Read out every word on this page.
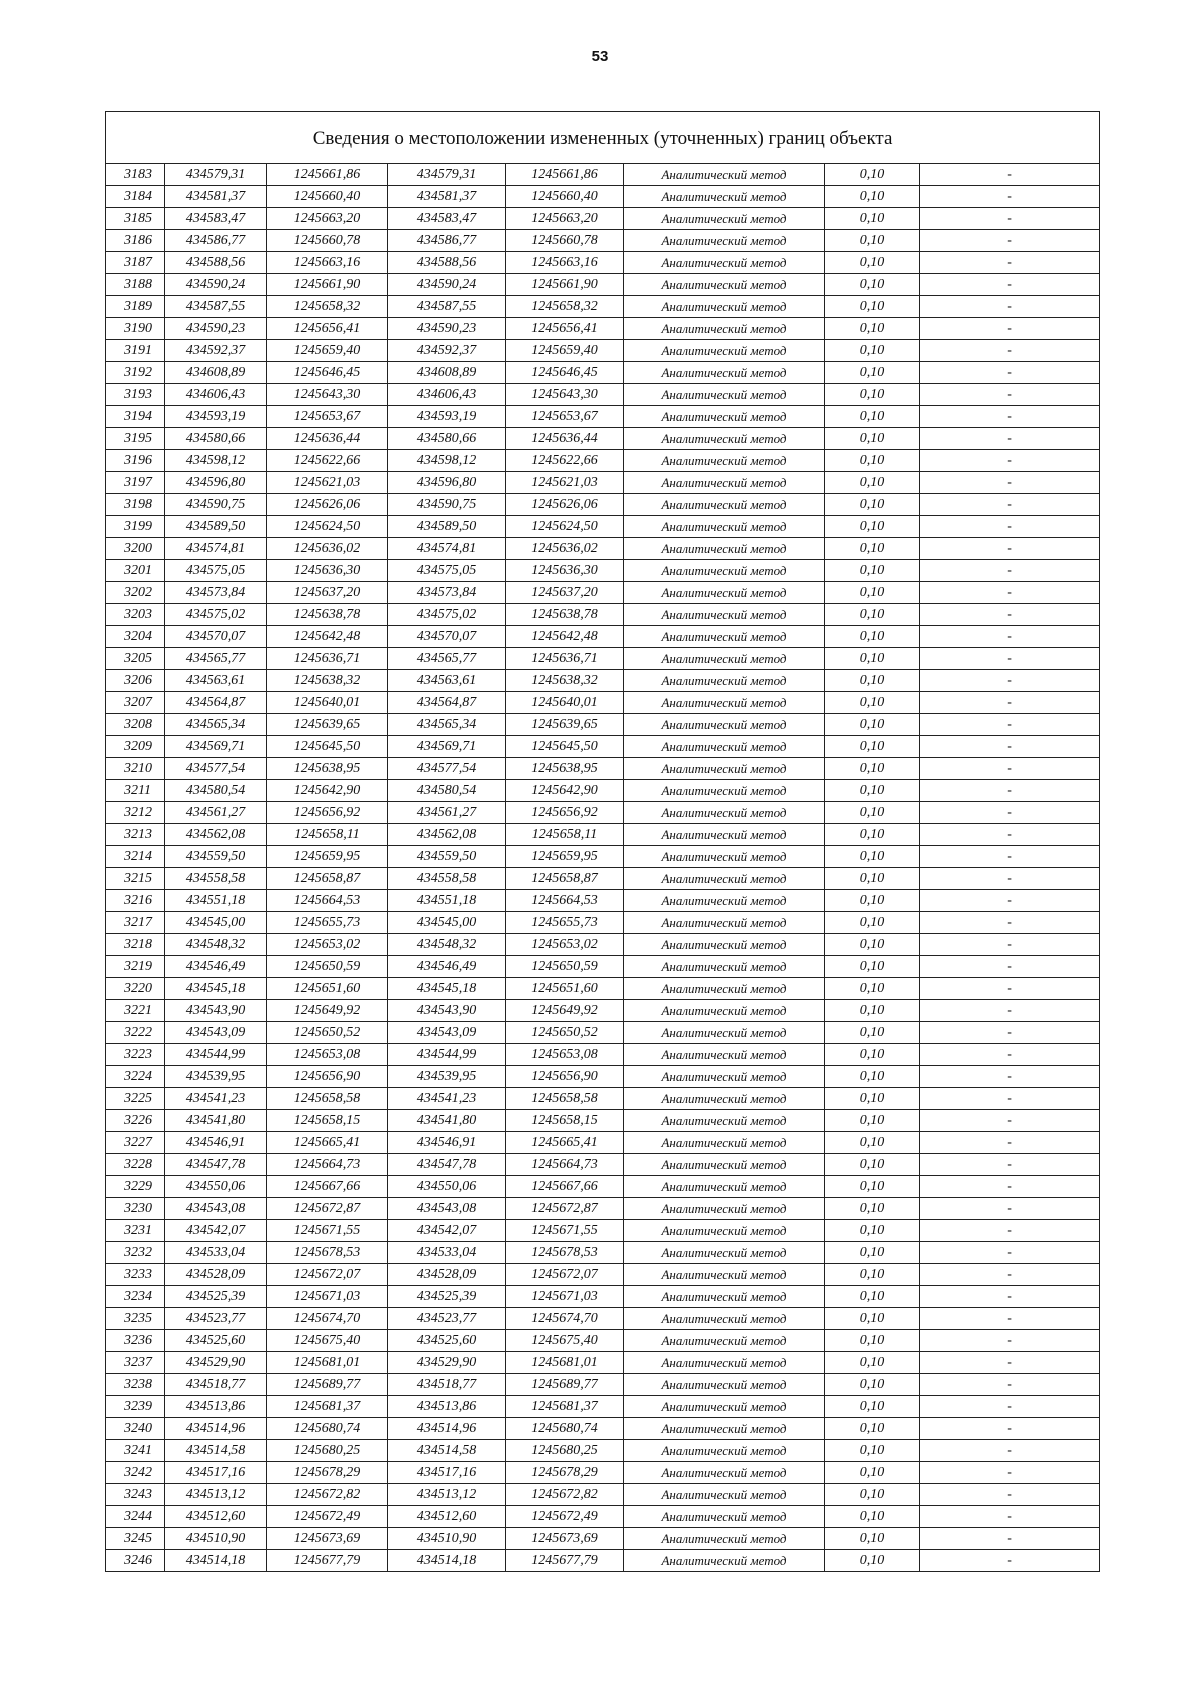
53
Сведения о местоположении измененных (уточненных) границ объекта							
3183	434579,31	1245661,86	434579,31	1245661,86	Аналитический метод	0,10	-
3184	434581,37	1245660,40	434581,37	1245660,40	Аналитический метод	0,10	-
3185	434583,47	1245663,20	434583,47	1245663,20	Аналитический метод	0,10	-
3186	434586,77	1245660,78	434586,77	1245660,78	Аналитический метод	0,10	-
3187	434588,56	1245663,16	434588,56	1245663,16	Аналитический метод	0,10	-
3188	434590,24	1245661,90	434590,24	1245661,90	Аналитический метод	0,10	-
3189	434587,55	1245658,32	434587,55	1245658,32	Аналитический метод	0,10	-
3190	434590,23	1245656,41	434590,23	1245656,41	Аналитический метод	0,10	-
3191	434592,37	1245659,40	434592,37	1245659,40	Аналитический метод	0,10	-
3192	434608,89	1245646,45	434608,89	1245646,45	Аналитический метод	0,10	-
3193	434606,43	1245643,30	434606,43	1245643,30	Аналитический метод	0,10	-
3194	434593,19	1245653,67	434593,19	1245653,67	Аналитический метод	0,10	-
3195	434580,66	1245636,44	434580,66	1245636,44	Аналитический метод	0,10	-
3196	434598,12	1245622,66	434598,12	1245622,66	Аналитический метод	0,10	-
3197	434596,80	1245621,03	434596,80	1245621,03	Аналитический метод	0,10	-
3198	434590,75	1245626,06	434590,75	1245626,06	Аналитический метод	0,10	-
3199	434589,50	1245624,50	434589,50	1245624,50	Аналитический метод	0,10	-
3200	434574,81	1245636,02	434574,81	1245636,02	Аналитический метод	0,10	-
3201	434575,05	1245636,30	434575,05	1245636,30	Аналитический метод	0,10	-
3202	434573,84	1245637,20	434573,84	1245637,20	Аналитический метод	0,10	-
3203	434575,02	1245638,78	434575,02	1245638,78	Аналитический метод	0,10	-
3204	434570,07	1245642,48	434570,07	1245642,48	Аналитический метод	0,10	-
3205	434565,77	1245636,71	434565,77	1245636,71	Аналитический метод	0,10	-
3206	434563,61	1245638,32	434563,61	1245638,32	Аналитический метод	0,10	-
3207	434564,87	1245640,01	434564,87	1245640,01	Аналитический метод	0,10	-
3208	434565,34	1245639,65	434565,34	1245639,65	Аналитический метод	0,10	-
3209	434569,71	1245645,50	434569,71	1245645,50	Аналитический метод	0,10	-
3210	434577,54	1245638,95	434577,54	1245638,95	Аналитический метод	0,10	-
3211	434580,54	1245642,90	434580,54	1245642,90	Аналитический метод	0,10	-
3212	434561,27	1245656,92	434561,27	1245656,92	Аналитический метод	0,10	-
3213	434562,08	1245658,11	434562,08	1245658,11	Аналитический метод	0,10	-
3214	434559,50	1245659,95	434559,50	1245659,95	Аналитический метод	0,10	-
3215	434558,58	1245658,87	434558,58	1245658,87	Аналитический метод	0,10	-
3216	434551,18	1245664,53	434551,18	1245664,53	Аналитический метод	0,10	-
3217	434545,00	1245655,73	434545,00	1245655,73	Аналитический метод	0,10	-
3218	434548,32	1245653,02	434548,32	1245653,02	Аналитический метод	0,10	-
3219	434546,49	1245650,59	434546,49	1245650,59	Аналитический метод	0,10	-
3220	434545,18	1245651,60	434545,18	1245651,60	Аналитический метод	0,10	-
3221	434543,90	1245649,92	434543,90	1245649,92	Аналитический метод	0,10	-
3222	434543,09	1245650,52	434543,09	1245650,52	Аналитический метод	0,10	-
3223	434544,99	1245653,08	434544,99	1245653,08	Аналитический метод	0,10	-
3224	434539,95	1245656,90	434539,95	1245656,90	Аналитический метод	0,10	-
3225	434541,23	1245658,58	434541,23	1245658,58	Аналитический метод	0,10	-
3226	434541,80	1245658,15	434541,80	1245658,15	Аналитический метод	0,10	-
3227	434546,91	1245665,41	434546,91	1245665,41	Аналитический метод	0,10	-
3228	434547,78	1245664,73	434547,78	1245664,73	Аналитический метод	0,10	-
3229	434550,06	1245667,66	434550,06	1245667,66	Аналитический метод	0,10	-
3230	434543,08	1245672,87	434543,08	1245672,87	Аналитический метод	0,10	-
3231	434542,07	1245671,55	434542,07	1245671,55	Аналитический метод	0,10	-
3232	434533,04	1245678,53	434533,04	1245678,53	Аналитический метод	0,10	-
3233	434528,09	1245672,07	434528,09	1245672,07	Аналитический метод	0,10	-
3234	434525,39	1245671,03	434525,39	1245671,03	Аналитический метод	0,10	-
3235	434523,77	1245674,70	434523,77	1245674,70	Аналитический метод	0,10	-
3236	434525,60	1245675,40	434525,60	1245675,40	Аналитический метод	0,10	-
3237	434529,90	1245681,01	434529,90	1245681,01	Аналитический метод	0,10	-
3238	434518,77	1245689,77	434518,77	1245689,77	Аналитический метод	0,10	-
3239	434513,86	1245681,37	434513,86	1245681,37	Аналитический метод	0,10	-
3240	434514,96	1245680,74	434514,96	1245680,74	Аналитический метод	0,10	-
3241	434514,58	1245680,25	434514,58	1245680,25	Аналитический метод	0,10	-
3242	434517,16	1245678,29	434517,16	1245678,29	Аналитический метод	0,10	-
3243	434513,12	1245672,82	434513,12	1245672,82	Аналитический метод	0,10	-
3244	434512,60	1245672,49	434512,60	1245672,49	Аналитический метод	0,10	-
3245	434510,90	1245673,69	434510,90	1245673,69	Аналитический метод	0,10	-
3246	434514,18	1245677,79	434514,18	1245677,79	Аналитический метод	0,10	-
